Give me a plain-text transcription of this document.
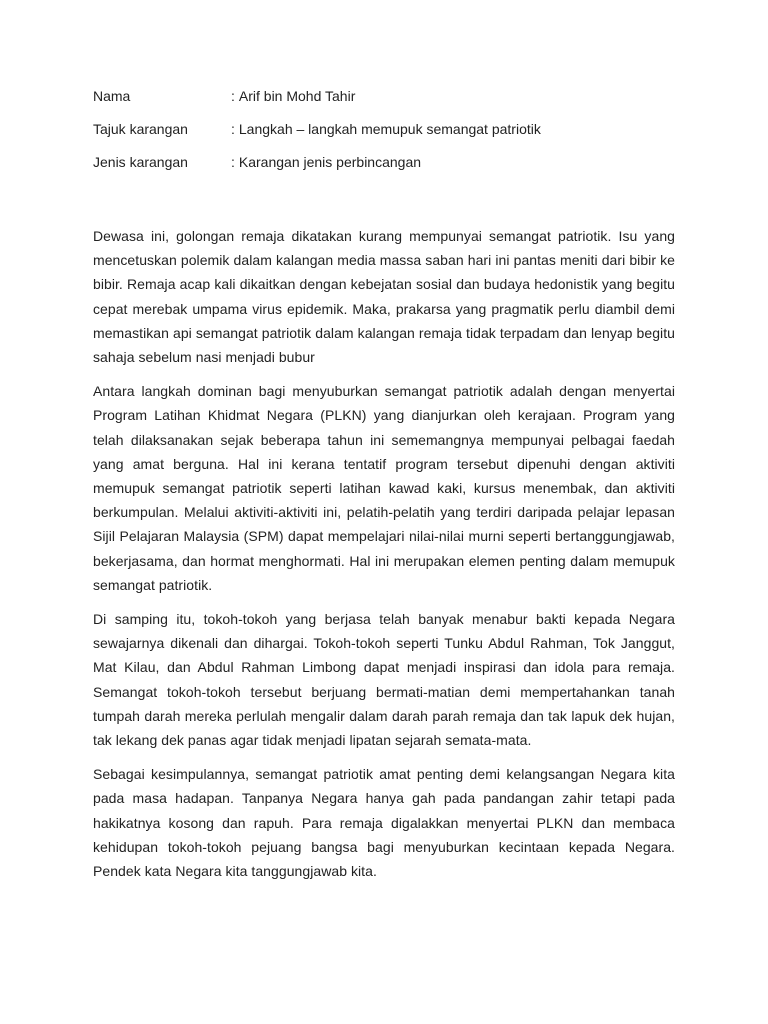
Nama	: Arif bin Mohd Tahir
Tajuk karangan	: Langkah – langkah memupuk semangat patriotik
Jenis karangan	: Karangan jenis perbincangan

Dewasa ini, golongan remaja dikatakan kurang mempunyai semangat patriotik. Isu yang mencetuskan polemik dalam kalangan media massa saban hari ini pantas meniti dari bibir ke bibir. Remaja acap kali dikaitkan dengan kebejatan sosial dan budaya hedonistik yang begitu cepat merebak umpama virus epidemik. Maka, prakarsa yang pragmatik perlu diambil demi memastikan api semangat patriotik dalam kalangan remaja tidak terpadam dan lenyap begitu sahaja sebelum nasi menjadi bubur

Antara langkah dominan bagi menyuburkan semangat patriotik adalah dengan menyertai Program Latihan Khidmat Negara (PLKN) yang dianjurkan oleh kerajaan. Program yang telah dilaksanakan sejak beberapa tahun ini sememangnya mempunyai pelbagai faedah yang amat berguna. Hal ini kerana tentatif program tersebut dipenuhi dengan aktiviti memupuk semangat patriotik seperti latihan kawad kaki, kursus menembak, dan aktiviti berkumpulan. Melalui aktiviti-aktiviti ini, pelatih-pelatih yang terdiri daripada pelajar lepasan Sijil Pelajaran Malaysia (SPM) dapat mempelajari nilai-nilai murni seperti bertanggungjawab, bekerjasama, dan hormat menghormati. Hal ini merupakan elemen penting dalam memupuk semangat patriotik.

Di samping itu, tokoh-tokoh yang berjasa telah banyak menabur bakti kepada Negara sewajarnya dikenali dan dihargai. Tokoh-tokoh seperti Tunku Abdul Rahman, Tok Janggut, Mat Kilau, dan Abdul Rahman Limbong dapat menjadi inspirasi dan idola para remaja. Semangat tokoh-tokoh tersebut berjuang bermati-matian demi mempertahankan tanah tumpah darah mereka perlulah mengalir dalam darah parah remaja dan tak lapuk dek hujan, tak lekang dek panas agar tidak menjadi lipatan sejarah semata-mata.

Sebagai kesimpulannya, semangat patriotik amat penting demi kelangsangan Negara kita pada masa hadapan. Tanpanya Negara hanya gah pada pandangan zahir tetapi pada hakikatnya kosong dan rapuh. Para remaja digalakkan menyertai PLKN dan membaca kehidupan tokoh-tokoh pejuang bangsa bagi menyuburkan kecintaan kepada Negara. Pendek kata Negara kita tanggungjawab kita.
